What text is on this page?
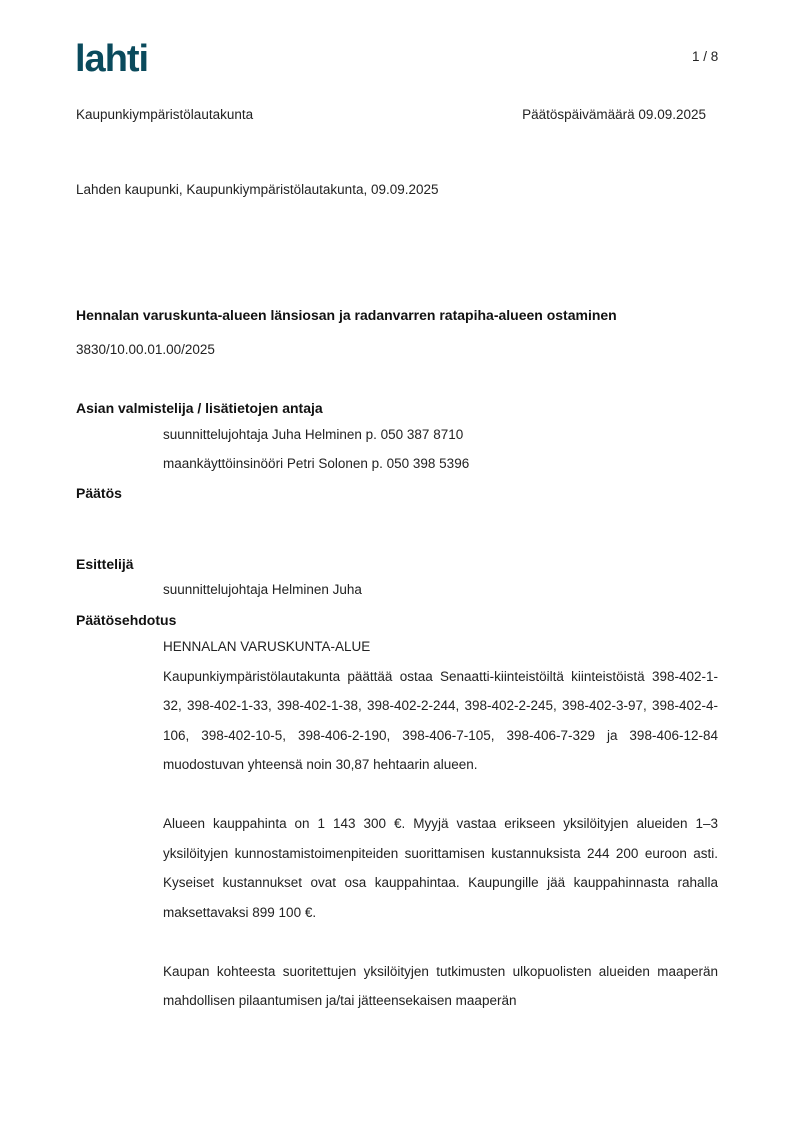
lahti	1 / 8
Kaupunkiympäristölautakunta	Päätöspäivämäärä 09.09.2025
Lahden kaupunki, Kaupunkiympäristölautakunta, 09.09.2025
Hennalan varuskunta-alueen länsiosan ja radanvarren ratapiha-alueen ostaminen
3830/10.00.01.00/2025
Asian valmistelija / lisätietojen antaja
suunnittelujohtaja Juha Helminen p. 050 387 8710
maankäyttöinsinööri Petri Solonen p. 050 398 5396
Päätös
Esittelijä
suunnittelujohtaja Helminen Juha
Päätösehdotus

HENNALAN VARUSKUNTA-ALUE

Kaupunkiympäristölautakunta päättää ostaa Senaatti-kiinteistöiltä kiinteistöistä 398-402-1-32, 398-402-1-33, 398-402-1-38, 398-402-2-244, 398-402-2-245, 398-402-3-97, 398-402-4-106, 398-402-10-5, 398-406-2-190, 398-406-7-105, 398-406-7-329 ja 398-406-12-84 muodostuvan yhteensä noin 30,87 hehtaarin alueen.

Alueen kauppahinta on 1 143 300 €. Myyjä vastaa erikseen yksilöityjen alueiden 1–3 yksilöityjen kunnostamistoimenpiteiden suorittamisen kustannuksista 244 200 euroon asti. Kyseiset kustannukset ovat osa kauppahintaa. Kaupungille jää kauppahinnasta rahalla maksettavaksi 899 100 €.

Kaupan kohteesta suoritettujen yksilöityjen tutkimusten ulkopuolisten alueiden maaperän mahdollisen pilaantumisen ja/tai jätteensekaisen maaperän
